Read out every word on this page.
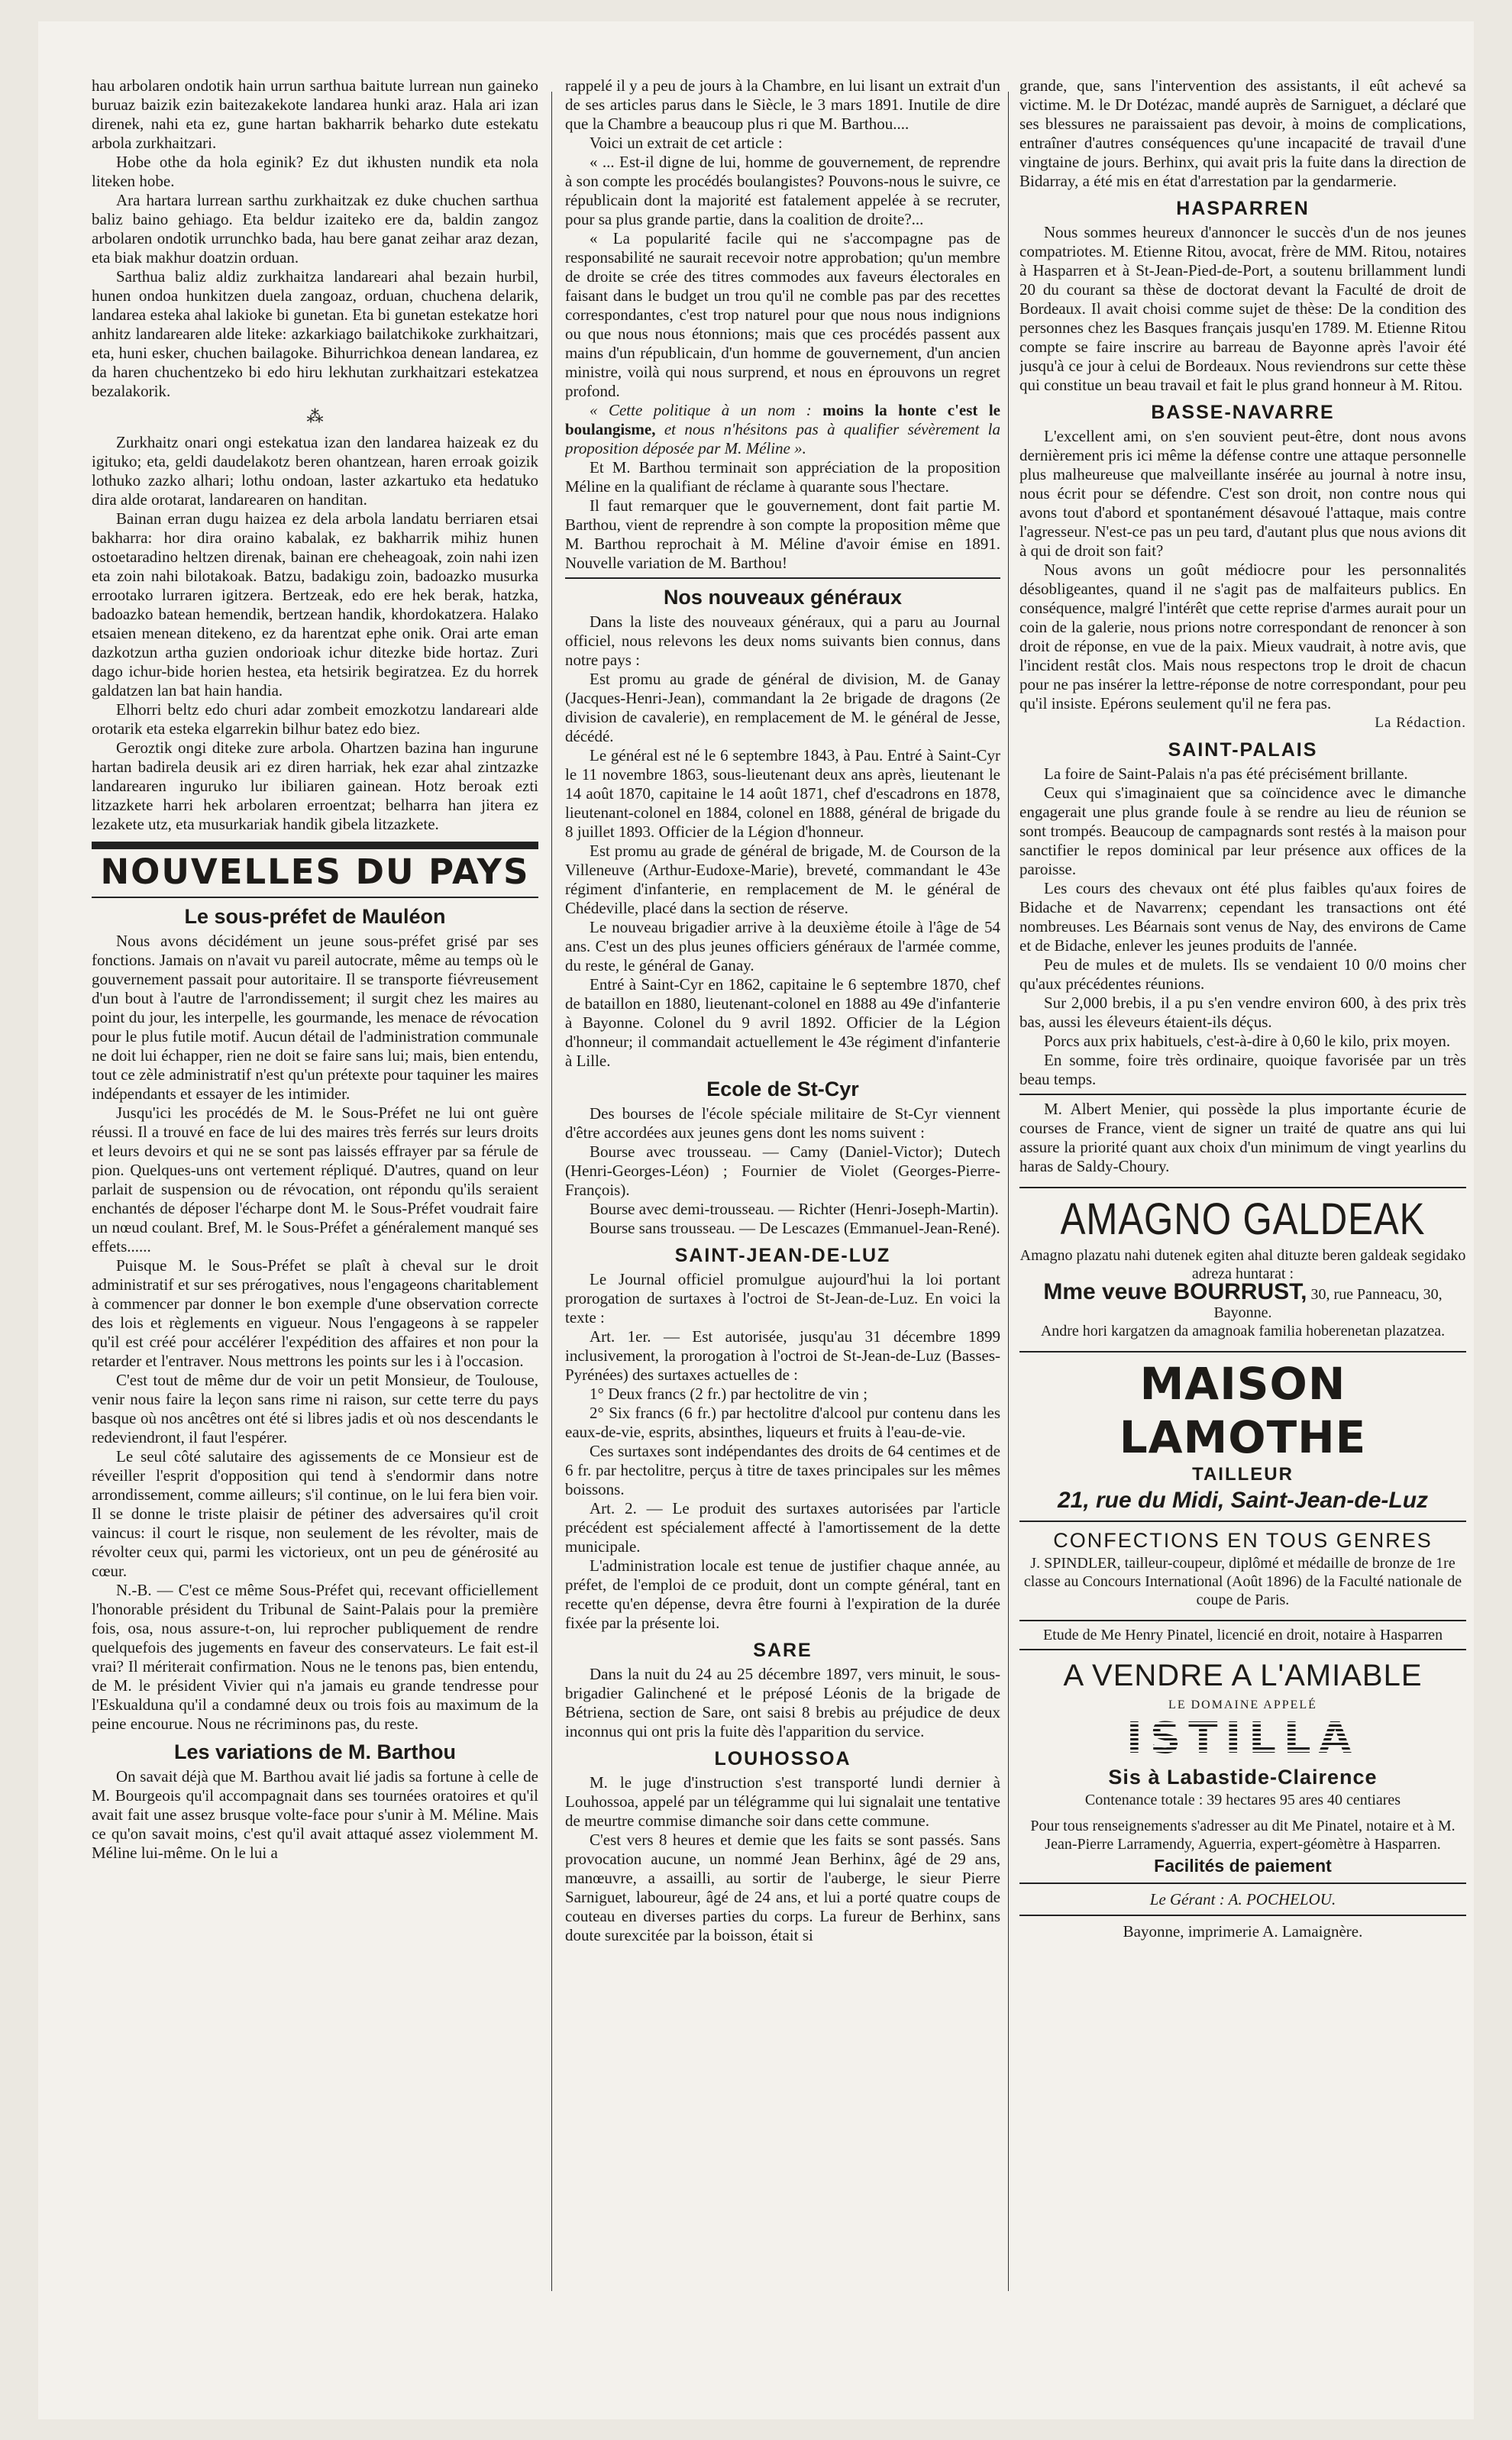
hau arbolaren ondotik hain urrun sarthua baitute lurrean nun gaineko buruaz baizik ezin baitezakekote landarea hunki araz. Hala ari izan direnek, nahi eta ez, gune hartan bakharrik beharko dute estekatu arbola zurkhaitzari.

Hobe othe da hola eginik? Ez dut ikhusten nundik eta nola liteken hobe.

Ara hartara lurrean sarthu zurkhaitzak ez duke chuchen sarthua baliz baino gehiago. Eta beldur izaiteko ere da, baldin zangoz arbolaren ondotik urrunchko bada, hau bere ganat zeihar araz dezan, eta biak makhur doatzin orduan.

Sarthua baliz aldiz zurkhaitza landareari ahal bezain hurbil, hunen ondoa hunkitzen duela zangoaz, orduan, chuchena delarik, landarea esteka ahal lakioke bi gunetan. Eta bi gunetan estekatze hori anhitz landarearen alde liteke: azkarkiago bailatchikoke zurkhaitzari, eta, huni esker, chuchen bailagoke. Bihurrichkoa denean landarea, ez da haren chuchentzeko bi edo hiru lekhutan zurkhaitzari estekatzea bezalakorik.

⁂

Zurkhaitz onari ongi estekatua izan den landarea haizeak ez du igituko; eta, geldi daudelakotz beren ohantzean, haren erroak goizik lothuko zazko alhari; lothu ondoan, laster azkartuko eta hedatuko dira alde orotarat, landarearen on handitan.

Bainan erran dugu haizea ez dela arbola landatu berriaren etsai bakharra: hor dira oraino kabalak, ez bakharrik mihiz hunen ostoetaradino heltzen direnak, bainan ere cheheagoak, zoin nahi izen eta zoin nahi bilotakoak. Batzu, badakigu zoin, badoazko musurka errootako lurraren igitzera. Bertzeak, edo ere hek berak, hatzka, badoazko batean hemendik, bertzean handik, khordokatzera. Halako etsaien menean ditekeno, ez da harentzat ephe onik. Orai arte eman dazkotzun artha guzien ondorioak ichur ditezke bide hortaz. Zuri dago ichur-bide horien hestea, eta hetsirik begiratzea. Ez du horrek galdatzen lan bat hain handia.

Elhorri beltz edo churi adar zombeit emozkotzu landareari alde orotarik eta esteka elgarrekin bilhur batez edo biez.

Geroztik ongi diteke zure arbola. Ohartzen bazina han ingurune hartan badirela deusik ari ez diren harriak, hek ezar ahal zintzazke landarearen inguruko lur ibiliaren gainean. Hotz beroak ezti litzazkete harri hek arbolaren erroentzat; belharra han jitera ez lezakete utz, eta musurkariak handik gibela litzazkete.

NOUVELLES DU PAYS
Le sous-préfet de Mauléon

Nous avons décidément un jeune sous-préfet grisé par ses fonctions. Jamais on n'avait vu pareil autocrate, même au temps où le gouvernement passait pour autoritaire. Il se transporte fiévreusement d'un bout à l'autre de l'arrondissement; il surgit chez les maires au point du jour, les interpelle, les gourmande, les menace de révocation pour le plus futile motif. Aucun détail de l'administration communale ne doit lui échapper, rien ne doit se faire sans lui; mais, bien entendu, tout ce zèle administratif n'est qu'un prétexte pour taquiner les maires indépendants et essayer de les intimider.

Jusqu'ici les procédés de M. le Sous-Préfet ne lui ont guère réussi. Il a trouvé en face de lui des maires très ferrés sur leurs droits et leurs devoirs et qui ne se sont pas laissés effrayer par sa férule de pion. Quelques-uns ont vertement répliqué. D'autres, quand on leur parlait de suspension ou de révocation, ont répondu qu'ils seraient enchantés de déposer l'écharpe dont M. le Sous-Préfet voudrait faire un nœud coulant. Bref, M. le Sous-Préfet a généralement manqué ses effets......

Puisque M. le Sous-Préfet se plaît à cheval sur le droit administratif et sur ses prérogatives, nous l'engageons charitablement à commencer par donner le bon exemple d'une observation correcte des lois et règlements en vigueur. Nous l'engageons à se rappeler qu'il est créé pour accélérer l'expédition des affaires et non pour la retarder et l'entraver. Nous mettrons les points sur les i à l'occasion.

C'est tout de même dur de voir un petit Monsieur, de Toulouse, venir nous faire la leçon sans rime ni raison, sur cette terre du pays basque où nos ancêtres ont été si libres jadis et où nos descendants le redeviendront, il faut l'espérer.

Le seul côté salutaire des agissements de ce Monsieur est de réveiller l'esprit d'opposition qui tend à s'endormir dans notre arrondissement, comme ailleurs; s'il continue, on le lui fera bien voir. Il se donne le triste plaisir de pétiner des adversaires qu'il croit vaincus: il court le risque, non seulement de les révolter, mais de révolter ceux qui, parmi les victorieux, ont un peu de générosité au cœur.

N.-B. — C'est ce même Sous-Préfet qui, recevant officiellement l'honorable président du Tribunal de Saint-Palais pour la première fois, osa, nous assure-t-on, lui reprocher publiquement de rendre quelquefois des jugements en faveur des conservateurs. Le fait est-il vrai? Il mériterait confirmation. Nous ne le tenons pas, bien entendu, de M. le président Vivier qui n'a jamais eu grande tendresse pour l'Eskualduna qu'il a condamné deux ou trois fois au maximum de la peine encourue. Nous ne récriminons pas, du reste.

Les variations de M. Barthou

On savait déjà que M. Barthou avait lié jadis sa fortune à celle de M. Bourgeois qu'il accompagnait dans ses tournées oratoires et qu'il avait fait une assez brusque volte-face pour s'unir à M. Méline. Mais ce qu'on savait moins, c'est qu'il avait attaqué assez violemment M. Méline lui-même. On le lui a

rappelé il y a peu de jours à la Chambre, en lui lisant un extrait d'un de ses articles parus dans le Siècle, le 3 mars 1891. Inutile de dire que la Chambre a beaucoup plus ri que M. Barthou....

Voici un extrait de cet article :

« ... Est-il digne de lui, homme de gouvernement, de reprendre à son compte les procédés boulangistes? Pouvons-nous le suivre, ce républicain dont la majorité est fatalement appelée à se recruter, pour sa plus grande partie, dans la coalition de droite?...

« La popularité facile qui ne s'accompagne pas de responsabilité ne saurait recevoir notre approbation; qu'un membre de droite se crée des titres commodes aux faveurs électorales en faisant dans le budget un trou qu'il ne comble pas par des recettes correspondantes, c'est trop naturel pour que nous nous indignions ou que nous nous étonnions; mais que ces procédés passent aux mains d'un républicain, d'un homme de gouvernement, d'un ancien ministre, voilà qui nous surprend, et nous en éprouvons un regret profond.

« Cette politique à un nom : moins la honte c'est le boulangisme, et nous n'hésitons pas à qualifier sévèrement la proposition déposée par M. Méline ».

Et M. Barthou terminait son appréciation de la proposition Méline en la qualifiant de réclame à quarante sous l'hectare.

Il faut remarquer que le gouvernement, dont fait partie M. Barthou, vient de reprendre à son compte la proposition même que M. Barthou reprochait à M. Méline d'avoir émise en 1891. Nouvelle variation de M. Barthou!

Nos nouveaux généraux

Dans la liste des nouveaux généraux, qui a paru au Journal officiel, nous relevons les deux noms suivants bien connus, dans notre pays :

Est promu au grade de général de division, M. de Ganay (Jacques-Henri-Jean), commandant la 2e brigade de dragons (2e division de cavalerie), en remplacement de M. le général de Jesse, décédé.

Le général est né le 6 septembre 1843, à Pau. Entré à Saint-Cyr le 11 novembre 1863, sous-lieutenant deux ans après, lieutenant le 14 août 1870, capitaine le 14 août 1871, chef d'escadrons en 1878, lieutenant-colonel en 1884, colonel en 1888, général de brigade du 8 juillet 1893. Officier de la Légion d'honneur.

Est promu au grade de général de brigade, M. de Courson de la Villeneuve (Arthur-Eudoxe-Marie), breveté, commandant le 43e régiment d'infanterie, en remplacement de M. le général de Chédeville, placé dans la section de réserve.

Le nouveau brigadier arrive à la deuxième étoile à l'âge de 54 ans. C'est un des plus jeunes officiers généraux de l'armée comme, du reste, le général de Ganay.

Entré à Saint-Cyr en 1862, capitaine le 6 septembre 1870, chef de bataillon en 1880, lieutenant-colonel en 1888 au 49e d'infanterie à Bayonne. Colonel du 9 avril 1892. Officier de la Légion d'honneur; il commandait actuellement le 43e régiment d'infanterie à Lille.

Ecole de St-Cyr

Des bourses de l'école spéciale militaire de St-Cyr viennent d'être accordées aux jeunes gens dont les noms suivent :

Bourse avec trousseau. — Camy (Daniel-Victor); Dutech (Henri-Georges-Léon) ; Fournier de Violet (Georges-Pierre-François).

Bourse avec demi-trousseau. — Richter (Henri-Joseph-Martin).

Bourse sans trousseau. — De Lescazes (Emmanuel-Jean-René).

SAINT-JEAN-DE-LUZ

Le Journal officiel promulgue aujourd'hui la loi portant prorogation de surtaxes à l'octroi de St-Jean-de-Luz. En voici la texte :

Art. 1er. — Est autorisée, jusqu'au 31 décembre 1899 inclusivement, la prorogation à l'octroi de St-Jean-de-Luz (Basses-Pyrénées) des surtaxes actuelles de :

1° Deux francs (2 fr.) par hectolitre de vin ;

2° Six francs (6 fr.) par hectolitre d'alcool pur contenu dans les eaux-de-vie, esprits, absinthes, liqueurs et fruits à l'eau-de-vie.

Ces surtaxes sont indépendantes des droits de 64 centimes et de 6 fr. par hectolitre, perçus à titre de taxes principales sur les mêmes boissons.

Art. 2. — Le produit des surtaxes autorisées par l'article précédent est spécialement affecté à l'amortissement de la dette municipale.

L'administration locale est tenue de justifier chaque année, au préfet, de l'emploi de ce produit, dont un compte général, tant en recette qu'en dépense, devra être fourni à l'expiration de la durée fixée par la présente loi.

SARE

Dans la nuit du 24 au 25 décembre 1897, vers minuit, le sous-brigadier Galinchené et le préposé Léonis de la brigade de Bétriena, section de Sare, ont saisi 8 brebis au préjudice de deux inconnus qui ont pris la fuite dès l'apparition du service.

LOUHOSSOA

M. le juge d'instruction s'est transporté lundi dernier à Louhossoa, appelé par un télégramme qui lui signalait une tentative de meurtre commise dimanche soir dans cette commune.

C'est vers 8 heures et demie que les faits se sont passés. Sans provocation aucune, un nommé Jean Berhinx, âgé de 29 ans, manœuvre, a assailli, au sortir de l'auberge, le sieur Pierre Sarniguet, laboureur, âgé de 24 ans, et lui a porté quatre coups de couteau en diverses parties du corps. La fureur de Berhinx, sans doute surexcitée par la boisson, était si

grande, que, sans l'intervention des assistants, il eût achevé sa victime. M. le Dr Dotézac, mandé auprès de Sarniguet, a déclaré que ses blessures ne paraissaient pas devoir, à moins de complications, entraîner d'autres conséquences qu'une incapacité de travail d'une vingtaine de jours. Berhinx, qui avait pris la fuite dans la direction de Bidarray, a été mis en état d'arrestation par la gendarmerie.

HASPARREN

Nous sommes heureux d'annoncer le succès d'un de nos jeunes compatriotes. M. Etienne Ritou, avocat, frère de MM. Ritou, notaires à Hasparren et à St-Jean-Pied-de-Port, a soutenu brillamment lundi 20 du courant sa thèse de doctorat devant la Faculté de droit de Bordeaux. Il avait choisi comme sujet de thèse: De la condition des personnes chez les Basques français jusqu'en 1789. M. Etienne Ritou compte se faire inscrire au barreau de Bayonne après l'avoir été jusqu'à ce jour à celui de Bordeaux. Nous reviendrons sur cette thèse qui constitue un beau travail et fait le plus grand honneur à M. Ritou.

BASSE-NAVARRE

L'excellent ami, on s'en souvient peut-être, dont nous avons dernièrement pris ici même la défense contre une attaque personnelle plus malheureuse que malveillante insérée au journal à notre insu, nous écrit pour se défendre. C'est son droit, non contre nous qui avons tout d'abord et spontanément désavoué l'attaque, mais contre l'agresseur. N'est-ce pas un peu tard, d'autant plus que nous avions dit à qui de droit son fait?

Nous avons un goût médiocre pour les personnalités désobligeantes, quand il ne s'agit pas de malfaiteurs publics. En conséquence, malgré l'intérêt que cette reprise d'armes aurait pour un coin de la galerie, nous prions notre correspondant de renoncer à son droit de réponse, en vue de la paix. Mieux vaudrait, à notre avis, que l'incident restât clos. Mais nous respectons trop le droit de chacun pour ne pas insérer la lettre-réponse de notre correspondant, pour peu qu'il insiste. Epérons seulement qu'il ne fera pas.

La Rédaction.

SAINT-PALAIS

La foire de Saint-Palais n'a pas été précisément brillante.

Ceux qui s'imaginaient que sa coïncidence avec le dimanche engagerait une plus grande foule à se rendre au lieu de réunion se sont trompés. Beaucoup de campagnards sont restés à la maison pour sanctifier le repos dominical par leur présence aux offices de la paroisse.

Les cours des chevaux ont été plus faibles qu'aux foires de Bidache et de Navarrenx; cependant les transactions ont été nombreuses. Les Béarnais sont venus de Nay, des environs de Came et de Bidache, enlever les jeunes produits de l'année.

Peu de mules et de mulets. Ils se vendaient 10 0/0 moins cher qu'aux précédentes réunions.

Sur 2,000 brebis, il a pu s'en vendre environ 600, à des prix très bas, aussi les éleveurs étaient-ils déçus.

Porcs aux prix habituels, c'est-à-dire à 0,60 le kilo, prix moyen.

En somme, foire très ordinaire, quoique favorisée par un très beau temps.

M. Albert Menier, qui possède la plus importante écurie de courses de France, vient de signer un traité de quatre ans qui lui assure la priorité quant aux choix d'un minimum de vingt yearlins du haras de Saldy-Choury.

AMAGNO GALDEAK

Amagno plazatu nahi dutenek egiten ahal dituzte beren galdeak segidako adreza huntarat :

Mme veuve BOURRUST, 30, rue Panneacu, 30, Bayonne.

Andre hori kargatzen da amagnoak familia hoberenetan plazatzea.

MAISON LAMOTHE
TAILLEUR
21, rue du Midi, Saint-Jean-de-Luz
CONFECTIONS EN TOUS GENRES

J. SPINDLER, tailleur-coupeur, diplômé et médaille de bronze de 1re classe au Concours International (Août 1896) de la Faculté nationale de coupe de Paris.

Etude de Me Henry Pinatel, licencié en droit, notaire à Hasparren

A VENDRE A L'AMIABLE

LE DOMAINE APPELÉ

ISTILLA
Sis à Labastide-Clairence

Contenance totale : 39 hectares 95 ares 40 centiares

Pour tous renseignements s'adresser au dit Me Pinatel, notaire et à M. Jean-Pierre Larramendy, Aguerria, expert-géomètre à Hasparren.

Facilités de paiement
Le Gérant : A. POCHELOU.
Bayonne, imprimerie A. Lamaignère.
